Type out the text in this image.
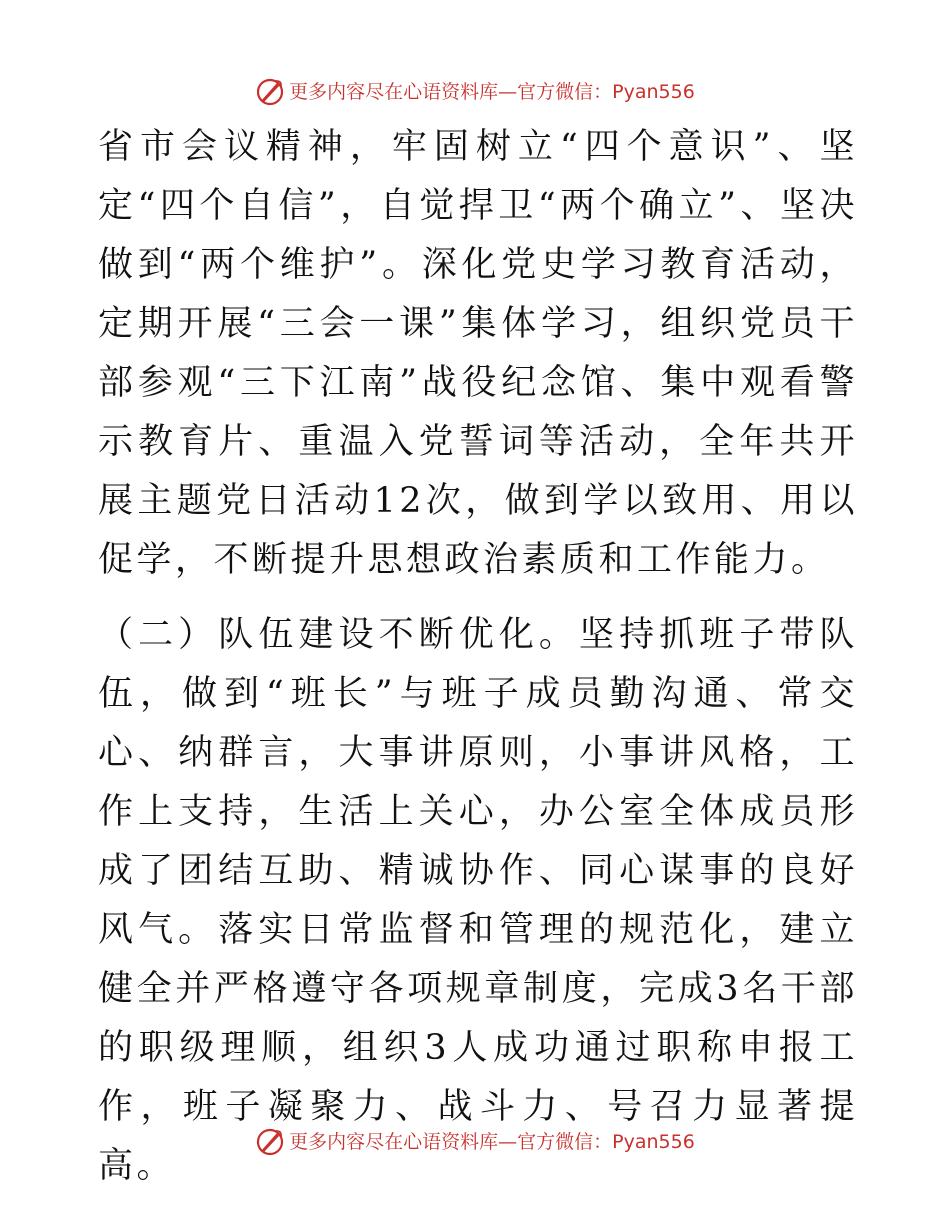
更多内容尽在心语资料库—官方微信：Pyan556

省市会议精神，牢固树立“四个意识”、坚定“四个自信”，自觉捍卫“两个确立”、坚决做到“两个维护”。深化党史学习教育活动，定期开展“三会一课”集体学习，组织党员干部参观“三下江南”战役纪念馆、集中观看警示教育片、重温入党誓词等活动，全年共开展主题党日活动12次，做到学以致用、用以促学，不断提升思想政治素质和工作能力。

（二）队伍建设不断优化。坚持抓班子带队伍，做到“班长”与班子成员勤沟通、常交心、纳群言，大事讲原则，小事讲风格，工作上支持，生活上关心，办公室全体成员形成了团结互助、精诚协作、同心谋事的良好风气。落实日常监督和管理的规范化，建立健全并严格遵守各项规章制度，完成3名干部的职级理顺，组织3人成功通过职称申报工作，班子凝聚力、战斗力、号召力显著提高。

更多内容尽在心语资料库—官方微信：Pyan556
